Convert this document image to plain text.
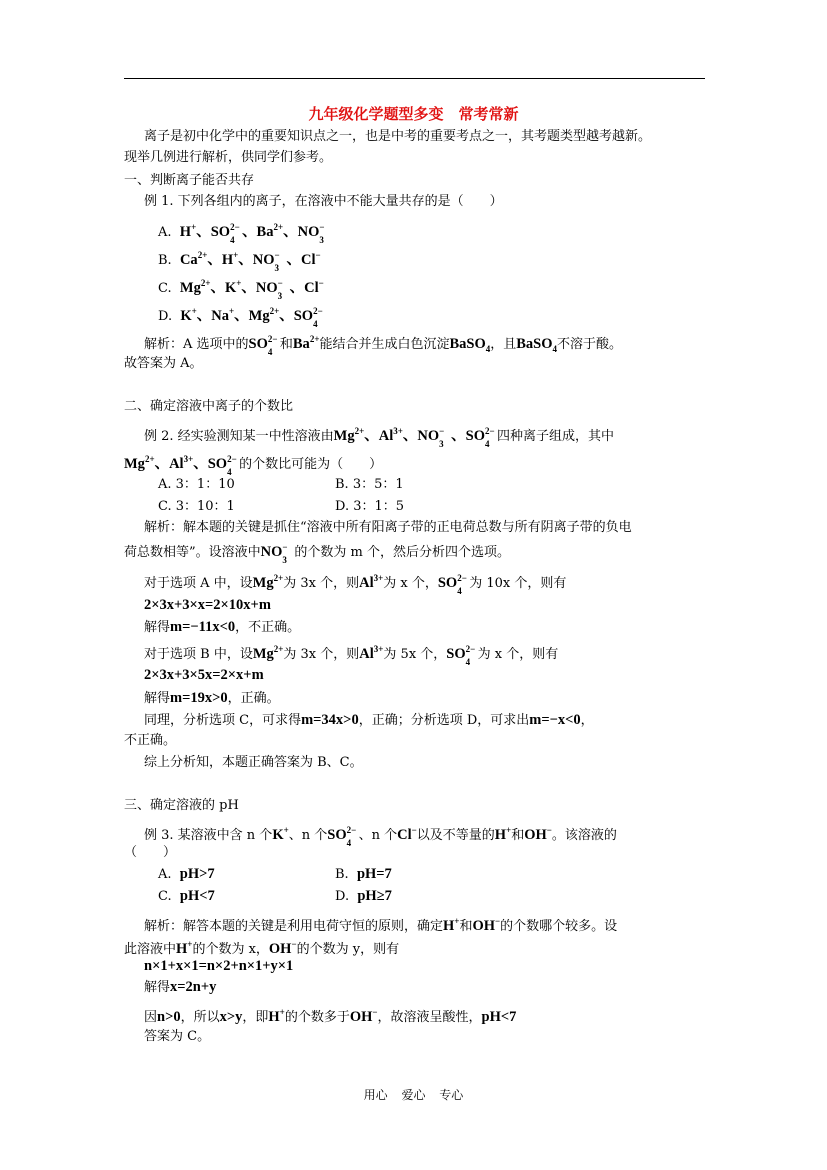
九年级化学题型多变　常考常新
离子是初中化学中的重要知识点之一，也是中考的重要考点之一，其考题类型越考越新。
现举几例进行解析，供同学们参考。
一、判断离子能否共存
例 1. 下列各组内的离子，在溶液中不能大量共存的是（　　）
A. H+、SO 2−
4 、$Ba^{2+}$、NO −
3
B. $Ca^{2+}$、H+、NO −
3 、Cl−
C. $Mg^{2+}$、K+、NO −
3 、Cl−
D. K+、Na+、$Mg^{2+}$、SO 2−
4
解析：A 选项中的SO 2−
4 和$Ba^{2+}$能结合并生成白色沉淀BaSO$_4$，且BaSO$_4$不溶于酸。
故答案为 A。
二、确定溶液中离子的个数比
例 2. 经实验测知某一中性溶液由$Mg^{2+}$、$Al^{3+}$、NO −
3 、SO 2−
4 四种离子组成，其中
$Mg^{2+}$、$Al^{3+}$、SO 2−
4 的个数比可能为（　　）
A. 3：1：10	B. 3：5：1
C. 3：10：1	D. 3：1：5
解析：解本题的关键是抓住“溶液中所有阳离子带的正电荷总数与所有阴离子带的负电
荷总数相等”。设溶液中NO −
3 的个数为 m 个，然后分析四个选项。
对于选项 A 中，设$Mg^{2+}$为 3x 个，则$Al^{3+}$为 x 个，SO 2−
4 为 10x 个，则有
2×3x+3×x=2×10x+m
解得m=−11x<0，不正确。
对于选项 B 中，设$Mg^{2+}$为 3x 个，则$Al^{3+}$为 5x 个，SO 2−
4 为 x 个，则有
2×3x+3×5x=2×x+m
解得m=19x>0，正确。
同理，分析选项 C，可求得m=34x>0，正确；分析选项 D，可求出m=−x<0，
不正确。
综上分析知，本题正确答案为 B、C。
三、确定溶液的 pH
例 3. 某溶液中含 n 个K+、n 个SO 2−
4 、n 个Cl−以及不等量的H+和OH−。该溶液的
（　　）
A. pH>7	B. pH=7
C. pH<7	D. pH≥7
解析：解答本题的关键是利用电荷守恒的原则，确定H+和OH−的个数哪个较多。设
此溶液中H+的个数为 x，OH−的个数为 y，则有
n×1+x×1=n×2+n×1+y×1
解得x=2n+y
因n>0，所以x>y，即H+的个数多于OH−，故溶液呈酸性，pH<7
答案为 C。
用心 爱心 专心
